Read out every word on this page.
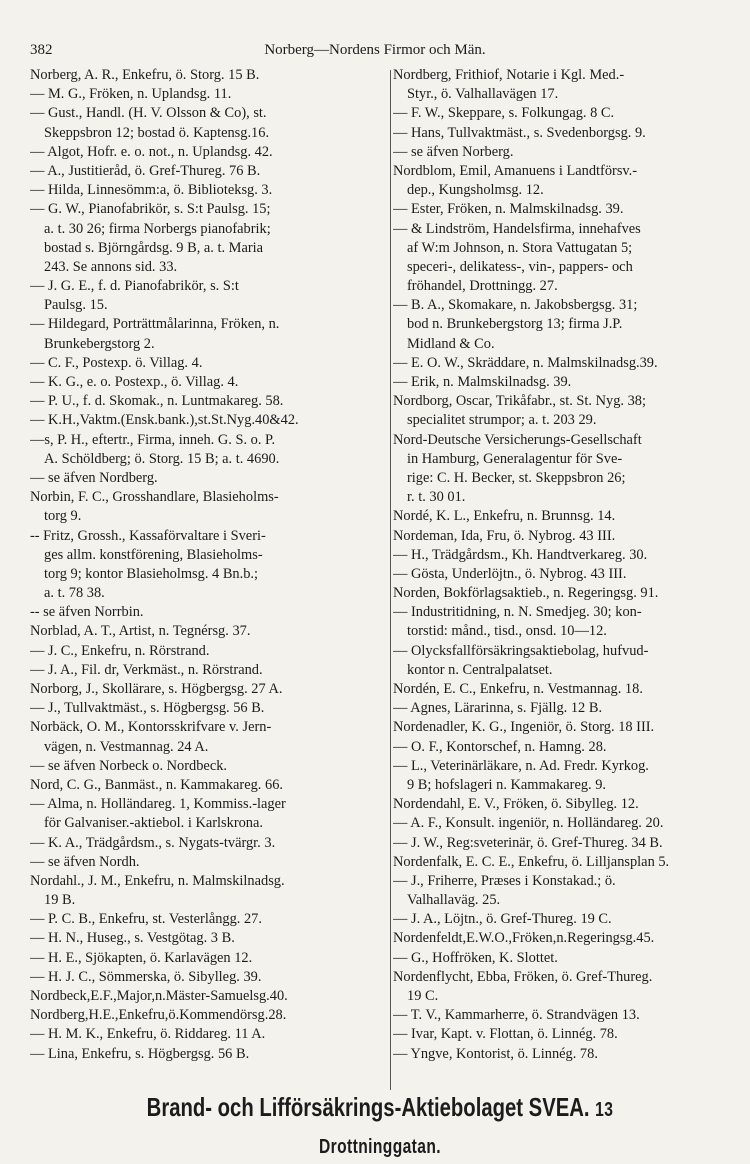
382	Norberg—Nordens Firmor och Män.
Norberg, A. R., Enkefru, ö. Storg. 15 B.
— M. G., Fröken, n. Uplandsg. 11.
— Gust., Handl. (H. V. Olsson & Co), st.
Skeppsbron 12; bostad ö. Kaptensg.16.
— Algot, Hofr. e. o. not., n. Uplandsg. 42.
— A., Justitieråd, ö. Gref-Thureg. 76 B.
— Hilda, Linnesömm:a, ö. Biblioteksg. 3.
— G. W., Pianofabrikör, s. S:t Paulsg. 15;
a. t. 30 26; firma Norbergs pianofabrik;
bostad s. Björngårdsg. 9 B, a. t. Maria
243. Se annons sid. 33.
— J. G. E., f. d. Pianofabrikör, s. S:t
Paulsg. 15.
— Hildegard, Porträttmålarinna, Fröken, n.
Brunkebergstorg 2.
— C. F., Postexp. ö. Villag. 4.
— K. G., e. o. Postexp., ö. Villag. 4.
— P. U., f. d. Skomak., n. Luntmakareg. 58.
— K.H.,Vaktm.(Ensk.bank.),st.St.Nyg.40&42.
—s, P. H., eftertr., Firma, inneh. G. S. o. P.
A. Schöldberg; ö. Storg. 15 B; a. t. 4690.
— se äfven Nordberg.
Norbin, F. C., Grosshandlare, Blasieholms-
torg 9.
-- Fritz, Grossh., Kassaförvaltare i Sveri-
ges allm. konstförening, Blasieholms-
torg 9; kontor Blasieholmsg. 4 Bn.b.;
a. t. 78 38.
-- se äfven Norrbin.
Norblad, A. T., Artist, n. Tegnérsg. 37.
— J. C., Enkefru, n. Rörstrand.
— J. A., Fil. dr, Verkmäst., n. Rörstrand.
Norborg, J., Skollärare, s. Högbergsg. 27 A.
— J., Tullvaktmäst., s. Högbergsg. 56 B.
Norbäck, O. M., Kontorsskrifvare v. Jern-
vägen, n. Vestmannag. 24 A.
— se äfven Norbeck o. Nordbeck.
Nord, C. G., Banmäst., n. Kammakareg. 66.
— Alma, n. Holländareg. 1, Kommiss.-lager
för Galvaniser.-aktiebol. i Karlskrona.
— K. A., Trädgårdsm., s. Nygats-tvärgr. 3.
— se äfven Nordh.
Nordahl., J. M., Enkefru, n. Malmskilnadsg.
19 B.
— P. C. B., Enkefru, st. Vesterlångg. 27.
— H. N., Huseg., s. Vestgötag. 3 B.
— H. E., Sjökapten, ö. Karlavägen 12.
— H. J. C., Sömmerska, ö. Sibylleg. 39.
Nordbeck,E.F.,Major,n.Mäster-Samuelsg.40.
Nordberg,H.E.,Enkefru,ö.Kommendörsg.28.
— H. M. K., Enkefru, ö. Riddareg. 11 A.
— Lina, Enkefru, s. Högbergsg. 56 B.
Nordberg, Frithiof, Notarie i Kgl. Med.-
Styr., ö. Valhallavägen 17.
— F. W., Skeppare, s. Folkungag. 8 C.
— Hans, Tullvaktmäst., s. Svedenborgsg. 9.
— se äfven Norberg.
Nordblom, Emil, Amanuens i Landtförsv.-
dep., Kungsholmsg. 12.
— Ester, Fröken, n. Malmskilnadsg. 39.
— & Lindström, Handelsfirma, innehafves
af W:m Johnson, n. Stora Vattugatan 5;
speceri-, delikatess-, vin-, pappers- och
fröhandel, Drottningg. 27.
— B. A., Skomakare, n. Jakobsbergsg. 31;
bod n. Brunkebergstorg 13; firma J.P.
Midland & Co.
— E. O. W., Skräddare, n. Malmskilnadsg.39.
— Erik, n. Malmskilnadsg. 39.
Nordborg, Oscar, Trikåfabr., st. St. Nyg. 38;
specialitet strumpor; a. t. 203 29.
Nord-Deutsche Versicherungs-Gesellschaft
in Hamburg, Generalagentur för Sve-
rige: C. H. Becker, st. Skeppsbron 26;
r. t. 30 01.
Nordé, K. L., Enkefru, n. Brunnsg. 14.
Nordeman, Ida, Fru, ö. Nybrog. 43 III.
— H., Trädgårdsm., Kh. Handtverkareg. 30.
— Gösta, Underlöjtn., ö. Nybrog. 43 III.
Norden, Bokförlagsaktieb., n. Regeringsg. 91.
— Industritidning, n. N. Smedjeg. 30; kon-
torstid: månd., tisd., onsd. 10—12.
— Olycksfallförsäkringsaktiebolag, hufvud-
kontor n. Centralpalatset.
Nordén, E. C., Enkefru, n. Vestmannag. 18.
— Agnes, Lärarinna, s. Fjällg. 12 B.
Nordenadler, K. G., Ingeniör, ö. Storg. 18 III.
— O. F., Kontorschef, n. Hamng. 28.
— L., Veterinärläkare, n. Ad. Fredr. Kyrkog.
9 B; hofslageri n. Kammakareg. 9.
Nordendahl, E. V., Fröken, ö. Sibylleg. 12.
— A. F., Konsult. ingeniör, n. Holländareg. 20.
— J. W., Reg:sveterinär, ö. Gref-Thureg. 34 B.
Nordenfalk, E. C. E., Enkefru, ö. Lilljansplan 5.
— J., Friherre, Præses i Konstakad.; ö.
Valhallaväg. 25.
— J. A., Löjtn., ö. Gref-Thureg. 19 C.
Nordenfeldt,E.W.O.,Fröken,n.Regeringsg.45.
— G., Hoffröken, K. Slottet.
Nordenflycht, Ebba, Fröken, ö. Gref-Thureg.
19 C.
— T. V., Kammarherre, ö. Strandvägen 13.
— Ivar, Kapt. v. Flottan, ö. Linnég. 78.
— Yngve, Kontorist, ö. Linnég. 78.
Brand- och Lifförsäkrings-Aktiebolaget SVEA. 13 Drottninggatan.
